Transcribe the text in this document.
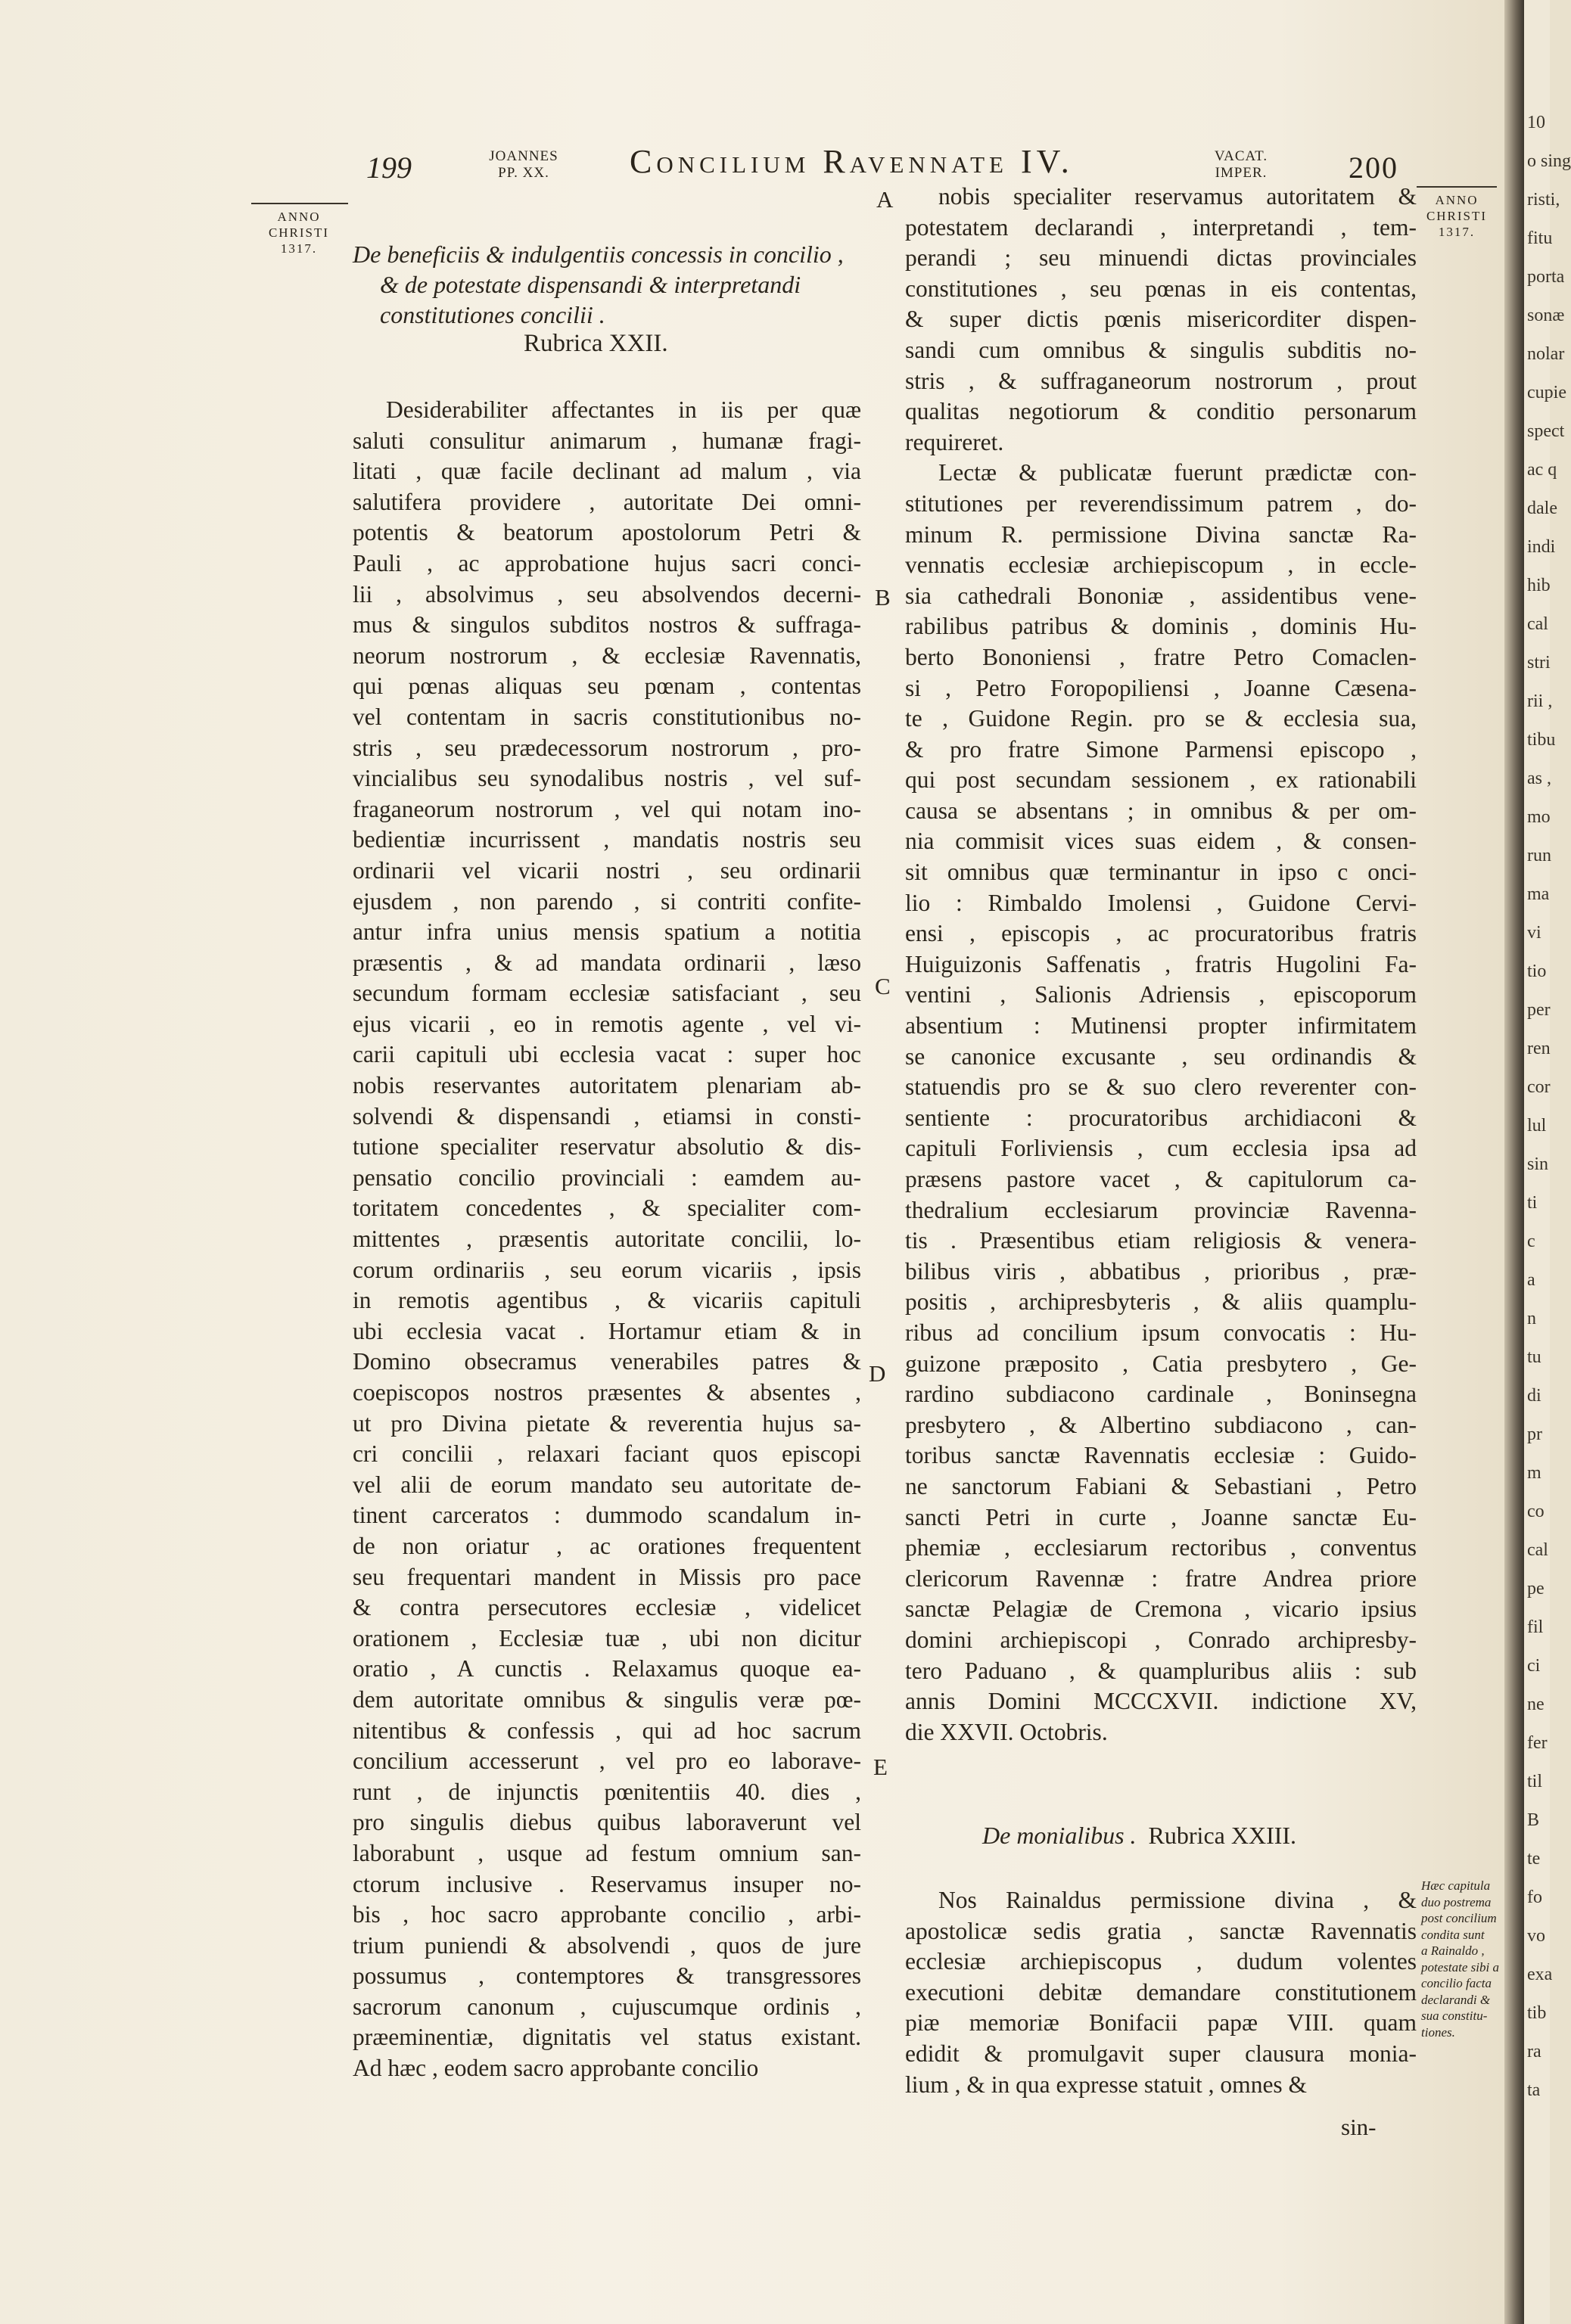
199	JOANNES
PP. XX.	Concilium Ravennate IV.	VACAT.
IMPER.	200
ANNO
CHRISTI
1317.
ANNO
CHRISTI
1317.
De beneficiis & indulgentiis concessis in concilio ,
& de potestate dispensandi & interpretandi
constitutiones concilii .
Rubrica XXII.
Desiderabiliter affectantes in iis per quæ
saluti consulitur animarum , humanæ fragi-
litati , quæ facile declinant ad malum , via
salutifera providere , autoritate Dei omni-
potentis & beatorum apostolorum Petri &
Pauli , ac approbatione hujus sacri conci-
lii , absolvimus , seu absolvendos decerni-
mus & singulos subditos nostros & suffraga-
neorum nostrorum , & ecclesiæ Ravennatis,
qui pœnas aliquas seu pœnam , contentas
vel contentam in sacris constitutionibus no-
stris , seu prædecessorum nostrorum , pro-
vincialibus seu synodalibus nostris , vel suf-
fraganeorum nostrorum , vel qui notam ino-
bedientiæ incurrissent , mandatis nostris seu
ordinarii vel vicarii nostri , seu ordinarii
ejusdem , non parendo , si contriti confite-
antur infra unius mensis spatium a notitia
præsentis , & ad mandata ordinarii , læso
secundum formam ecclesiæ satisfaciant , seu
ejus vicarii , eo in remotis agente , vel vi-
carii capituli ubi ecclesia vacat : super hoc
nobis reservantes autoritatem plenariam ab-
solvendi & dispensandi , etiamsi in consti-
tutione specialiter reservatur absolutio & dis-
pensatio concilio provinciali : eamdem au-
toritatem concedentes , & specialiter com-
mittentes , præsentis autoritate concilii, lo-
corum ordinariis , seu eorum vicariis , ipsis
in remotis agentibus , & vicariis capituli
ubi ecclesia vacat . Hortamur etiam & in
Domino obsecramus venerabiles patres &
coepiscopos nostros præsentes & absentes ,
ut pro Divina pietate & reverentia hujus sa-
cri concilii , relaxari faciant quos episcopi
vel alii de eorum mandato seu autoritate de-
tinent carceratos : dummodo scandalum in-
de non oriatur , ac orationes frequentent
seu frequentari mandent in Missis pro pace
& contra persecutores ecclesiæ , videlicet
orationem , Ecclesiæ tuæ , ubi non dicitur
oratio , A cunctis . Relaxamus quoque ea-
dem autoritate omnibus & singulis veræ pœ-
nitentibus & confessis , qui ad hoc sacrum
concilium accesserunt , vel pro eo laborave-
runt , de injunctis pœnitentiis 40. dies ,
pro singulis diebus quibus laboraverunt vel
laborabunt , usque ad festum omnium san-
ctorum inclusive . Reservamus insuper no-
bis , hoc sacro approbante concilio , arbi-
trium puniendi & absolvendi , quos de jure
possumus , contemptores & transgressores
sacrorum canonum , cujuscumque ordinis ,
præeminentiæ, dignitatis vel status existant.
Ad hæc , eodem sacro approbante concilio
A
B
C
D
E
nobis specialiter reservamus autoritatem &
potestatem declarandi , interpretandi , tem-
perandi ; seu minuendi dictas provinciales
constitutiones , seu pœnas in eis contentas,
& super dictis pœnis misericorditer dispen-
sandi cum omnibus & singulis subditis no-
stris , & suffraganeorum nostrorum , prout
qualitas negotiorum & conditio personarum
requireret.
Lectæ & publicatæ fuerunt prædictæ con-
stitutiones per reverendissimum patrem , do-
minum R. permissione Divina sanctæ Ra-
vennatis ecclesiæ archiepiscopum , in eccle-
sia cathedrali Bononiæ , assidentibus vene-
rabilibus patribus & dominis , dominis Hu-
berto Bononiensi , fratre Petro Comaclen-
si , Petro Foropopiliensi , Joanne Cæsena-
te , Guidone Regin. pro se & ecclesia sua,
& pro fratre Simone Parmensi episcopo ,
qui post secundam sessionem , ex rationabili
causa se absentans ; in omnibus & per om-
nia commisit vices suas eidem , & consen-
sit omnibus quæ terminantur in ipso c onci-
lio : Rimbaldo Imolensi , Guidone Cervi-
ensi , episcopis , ac procuratoribus fratris
Huiguizonis Saffenatis , fratris Hugolini Fa-
ventini , Salionis Adriensis , episcoporum
absentium : Mutinensi propter infirmitatem
se canonice excusante , seu ordinandis &
statuendis pro se & suo clero reverenter con-
sentiente : procuratoribus archidiaconi &
capituli Forliviensis , cum ecclesia ipsa ad
præsens pastore vacet , & capitulorum ca-
thedralium ecclesiarum provinciæ Ravenna-
tis . Præsentibus etiam religiosis & venera-
bilibus viris , abbatibus , prioribus , præ-
positis , archipresbyteris , & aliis quamplu-
ribus ad concilium ipsum convocatis : Hu-
guizone præposito , Catia presbytero , Ge-
rardino subdiacono cardinale , Boninsegna
presbytero , & Albertino subdiacono , can-
toribus sanctæ Ravennatis ecclesiæ : Guido-
ne sanctorum Fabiani & Sebastiani , Petro
sancti Petri in curte , Joanne sanctæ Eu-
phemiæ , ecclesiarum rectoribus , conventus
clericorum Ravennæ : fratre Andrea priore
sanctæ Pelagiæ de Cremona , vicario ipsius
domini archiepiscopi , Conrado archipresby-
tero Paduano , & quampluribus aliis : sub
annis Domini MCCCXVII. indictione XV,
die XXVII. Octobris.
De monialibus . Rubrica XXIII.
Nos Rainaldus permissione divina , &
apostolicæ sedis gratia , sanctæ Ravennatis
ecclesiæ archiepiscopus , dudum volentes
executioni debitæ demandare constitutionem
piæ memoriæ Bonifacii papæ VIII. quam
edidit & promulgavit super clausura monia-
lium , & in qua expresse statuit , omnes &
sin-
Hæc capitula
duo postrema
post concilium
condita sunt
a Rainaldo ,
potestate sibi a
concilio facta
declarandi &
sua constitu-
tiones.
10
o sing
risti,
fitu
porta
sonæ
nolar
cupie
spect
ac q
dale
indi
hib
cal
stri
rii ,
tibu
as ,
mo
run
ma
vi
tio
per
ren
cor
lul
sin
ti
c
a
n
tu
di
pr
m
co
cal
pe
fil
ci
ne
fer
til
B
te
fo
vo
exa
tib
ra
ta
